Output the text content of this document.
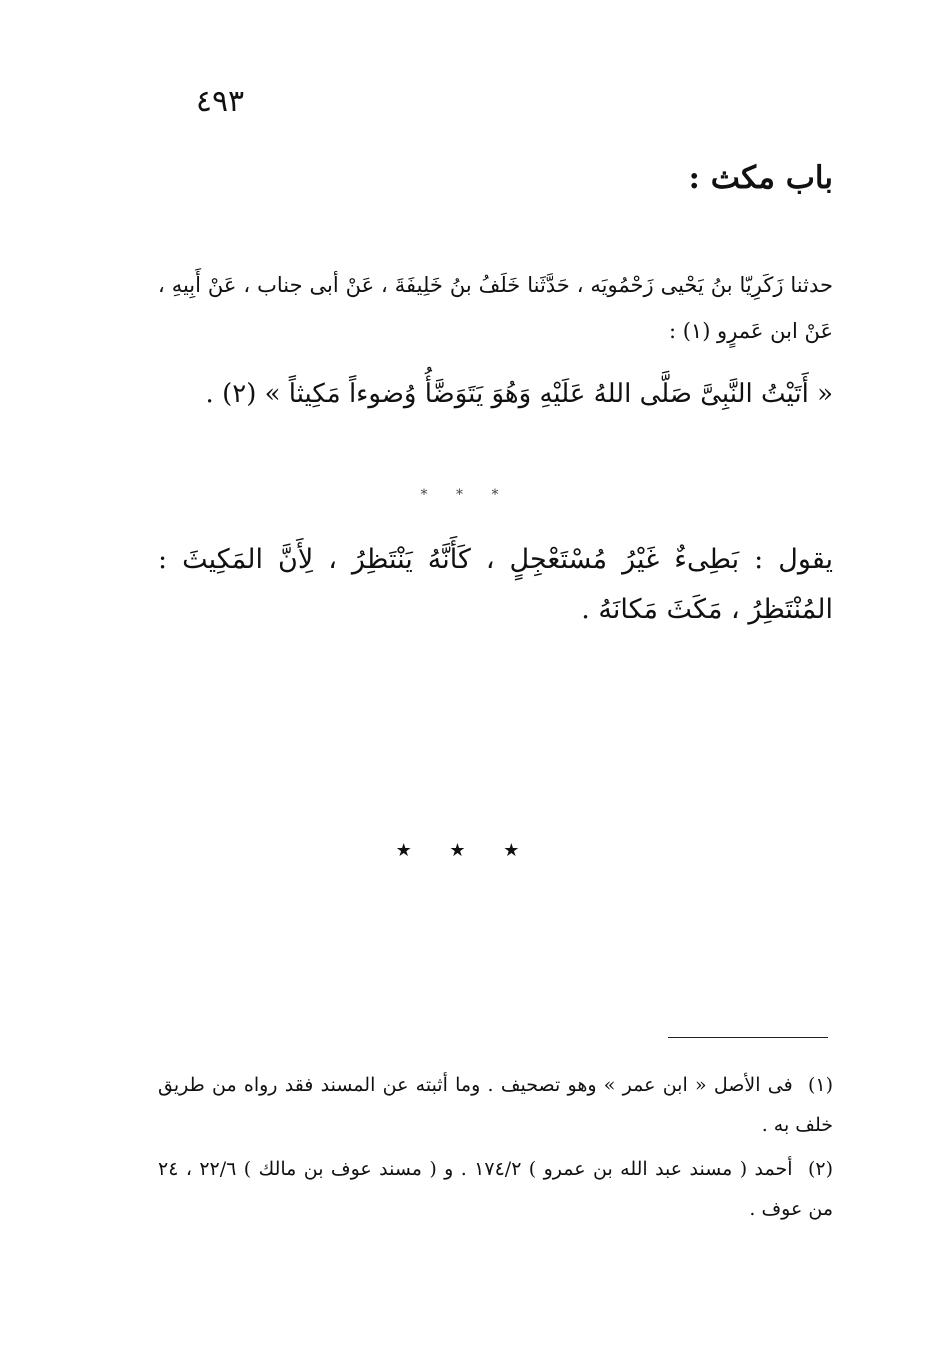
٤٩٣
باب مكث :
حدثنا زَكَرِيّا بنُ يَحْيى زَحْمُويَه ، حَدَّثَنا خَلَفُ بنُ خَلِيفَةَ ، عَنْ أبى جناب ، عَنْ أَبِيهِ ، عَنْ ابن عَمرٍو (١) :
« أَتَيْتُ النَّبِىَّ صَلَّى اللهُ عَلَيْهِ وَهُوَ يَتَوَضَّأُ وُضوءاً مَكِيثاً » (٢) .
* * *
يقول : بَطِىءٌ غَيْرُ مُسْتَعْجِلٍ ، كَأَنَّهُ يَنْتَظِرُ ، لِأَنَّ المَكِيثَ : المُنْتَظِرُ ، مَكَثَ مَكانَهُ .
★ ★ ★
(١) فى الأصل « ابن عمر » وهو تصحيف . وما أثبته عن المسند فقد رواه من طريق خلف به .
(٢) أحمد ( مسند عبد الله بن عمرو ) ١٧٤/٢ . و ( مسند عوف بن مالك ) ٢٢/٦ ، ٢٤ من عوف .
